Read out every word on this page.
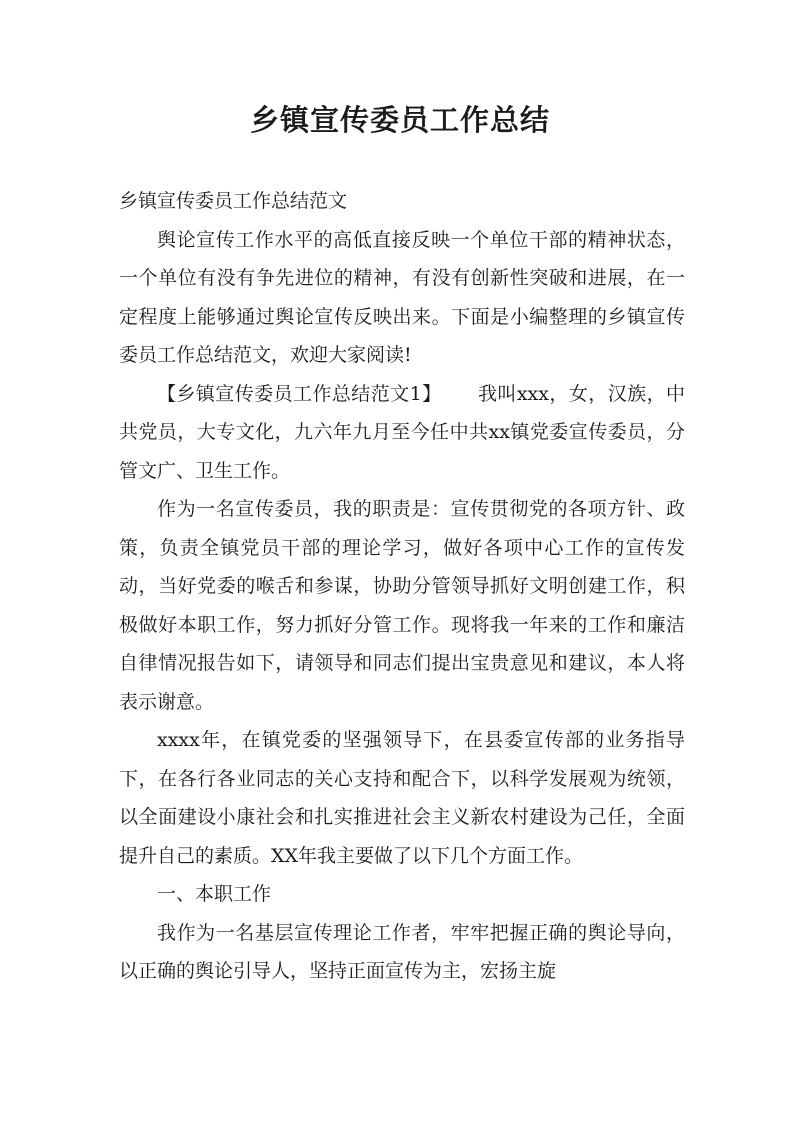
乡镇宣传委员工作总结

乡镇宣传委员工作总结范文

舆论宣传工作水平的高低直接反映一个单位干部的精神状态，一个单位有没有争先进位的精神，有没有创新性突破和进展，在一定程度上能够通过舆论宣传反映出来。下面是小编整理的乡镇宣传委员工作总结范文，欢迎大家阅读!

【乡镇宣传委员工作总结范文1】 我叫xxx，女，汉族，中共党员，大专文化，九六年九月至今任中共xx镇党委宣传委员，分管文广、卫生工作。

作为一名宣传委员，我的职责是：宣传贯彻党的各项方针、政策，负责全镇党员干部的理论学习，做好各项中心工作的宣传发动，当好党委的喉舌和参谋，协助分管领导抓好文明创建工作，积极做好本职工作，努力抓好分管工作。现将我一年来的工作和廉洁自律情况报告如下，请领导和同志们提出宝贵意见和建议，本人将表示谢意。

xxxx年，在镇党委的坚强领导下，在县委宣传部的业务指导下，在各行各业同志的关心支持和配合下，以科学发展观为统领，以全面建设小康社会和扎实推进社会主义新农村建设为己任，全面提升自己的素质。XX年我主要做了以下几个方面工作。

一、本职工作

我作为一名基层宣传理论工作者，牢牢把握正确的舆论导向，以正确的舆论引导人，坚持正面宣传为主，宏扬主旋
